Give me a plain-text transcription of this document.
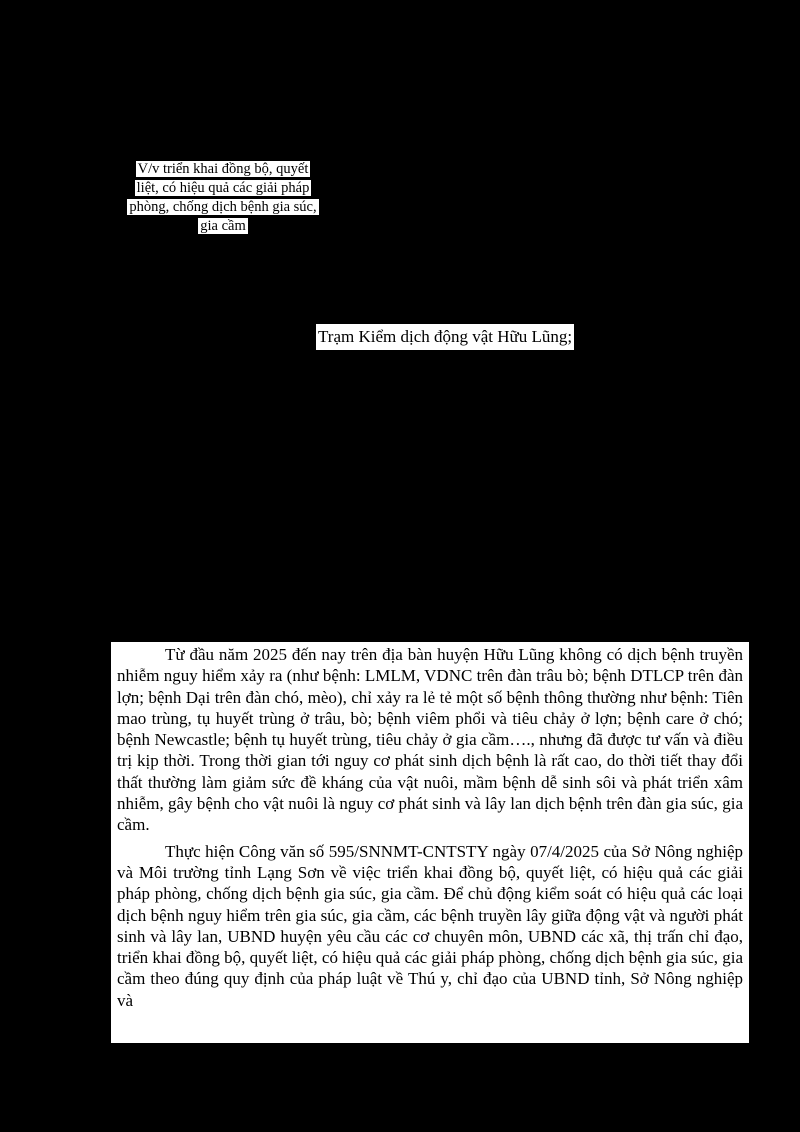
V/v triển khai đồng bộ, quyết
liệt, có hiệu quả các giải pháp
phòng, chống dịch bệnh gia súc,
gia cầm
Trạm Kiểm dịch động vật Hữu Lũng;

Từ đầu năm 2025 đến nay trên địa bàn huyện Hữu Lũng không có dịch bệnh truyền nhiễm nguy hiểm xảy ra (như bệnh: LMLM, VDNC trên đàn trâu bò; bệnh DTLCP trên đàn lợn; bệnh Dại trên đàn chó, mèo), chỉ xảy ra lẻ tẻ một số bệnh thông thường như bệnh: Tiên mao trùng, tụ huyết trùng ở trâu, bò; bệnh viêm phổi và tiêu chảy ở lợn; bệnh care ở chó; bệnh Newcastle; bệnh tụ huyết trùng, tiêu chảy ở gia cầm…., nhưng đã được tư vấn và điều trị kịp thời. Trong thời gian tới nguy cơ phát sinh dịch bệnh là rất cao, do thời tiết thay đổi thất thường làm giảm sức đề kháng của vật nuôi, mầm bệnh dễ sinh sôi và phát triển xâm nhiễm, gây bệnh cho vật nuôi là nguy cơ phát sinh và lây lan dịch bệnh trên đàn gia súc, gia cầm.

Thực hiện Công văn số 595/SNNMT-CNTSTY ngày 07/4/2025 của Sở Nông nghiệp và Môi trường tỉnh Lạng Sơn về việc triển khai đồng bộ, quyết liệt, có hiệu quả các giải pháp phòng, chống dịch bệnh gia súc, gia cầm. Để chủ động kiểm soát có hiệu quả các loại dịch bệnh nguy hiểm trên gia súc, gia cầm, các bệnh truyền lây giữa động vật và người phát sinh và lây lan, UBND huyện yêu cầu các cơ chuyên môn, UBND các xã, thị trấn chỉ đạo, triển khai đồng bộ, quyết liệt, có hiệu quả các giải pháp phòng, chống dịch bệnh gia súc, gia cầm theo đúng quy định của pháp luật về Thú y, chỉ đạo của UBND tỉnh, Sở Nông nghiệp và
